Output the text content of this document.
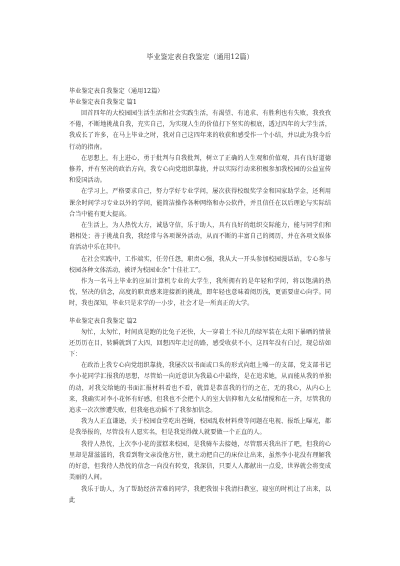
毕业鉴定表自我鉴定（通用12篇）

毕业鉴定表自我鉴定（通用12篇）

毕业鉴定表自我鉴定 篇1

回首四年的大校园园生活生活和社会实践生活，有渴望、有追求、有胜利也有失败，我孜孜不倦，不断地挑战自我，充实自己，为实现人生的价值打下坚实的根底，透过四年的大学生活，我成长了许多，在马上毕业之时，我对自己这四年来的收获和感受作一个小结，并以此为我今后行动的指南。

在思想上，有上进心，勇于批判与自我批判，树立了正确的人生观和价值观，具有良好道德修养，并有坚决的政治方向，我专心向党组织靠拢，并以实际行动来积极参加我校园的公益宣传和爱国活动。

在学习上，严格要求自己，努力学好专业学问，屡次获得校级奖学金和国家助学金，还利用课余时间学习专业以外的学问，能简洁操作各种网络和办公软件，并且信任在以后理论与实际结合当中能有更大提高。

在生活上，为人热忱大方，诚恳守信，乐于助人，具有良好的组织交际能力，能与同学们和谐相处；善于挑战自我，我经常与各项课外活动，从而不断的丰富自己的阅历，并在各项文娱体育活动中乐在其中。

在社会实践中，工作端实，任劳任怨，职责心强，我从大一开头参加校园漫话站，专心参与校园各种文体活动，被评为校园业余“十佳社工”。

作为一名马上毕业的应届计算机专业的大学生，我所拥有的是年轻和学问，将以饱满的热忱，坚决的信念，高度的职责感来迎接新的挑战，即年轻也意味着阅历浅，更需要虚心向学。同时，我也深知，毕业只是求学的一小步，社会才是一所真正的大学。

毕业鉴定表自我鉴定 篇2

匆忙，太匆忙，时间真是跑的比兔子还快，大一穿着土不拉几的绿军装在太阳下暴晒的情景还历历在目，转瞬就到了大四，回想四年走过的路，感受收获不小，这四年没有白过，现总结如下：

在政治上我专心向党组织靠拢，我屡次以书面或口头的形式向组上嗓一的支部，党支部书记李小花同学汇报我的思想，尽管始一向近意识为我最心中最终，是在追求她，从而能从我的单独的动，对我交给她的书面汇报材料看也不看，就算是恭喜我的行的之在，无的我心，从内心上来，我确实对李小花怀有好感，但我也不会把个人的室大信抑和九女私情搅和在一齐，尽管我的追求一次次惨遭失败，但我毫也动摇不了我参加信念。

我为人正直谦逊，关于校园食堂吃出苍蝇，校园乱收材料费等问题在电视、报纸上曝光，都是我举报的，尽管没有人愿实名，但是我觉得做人就要做一个正直的人。

我待人热忱，上次李小花的蛋糕来校园，是我骑车去接她，尽管那天我出汗了吧，但我的心里却是甜滋滋的，我看到物文亲没他方往，就主动把自己的床位让出来，虽然李小花没有理解我的好意，但我待人热忱的信念一向没有转变，我深信，只要人人都献出一点爱，世界就会将变成美丽的人间。

我乐于助人，为了帮助经济苦难的同学，我把我银卡我清扫教室，寝室的时机让了出来，以此
